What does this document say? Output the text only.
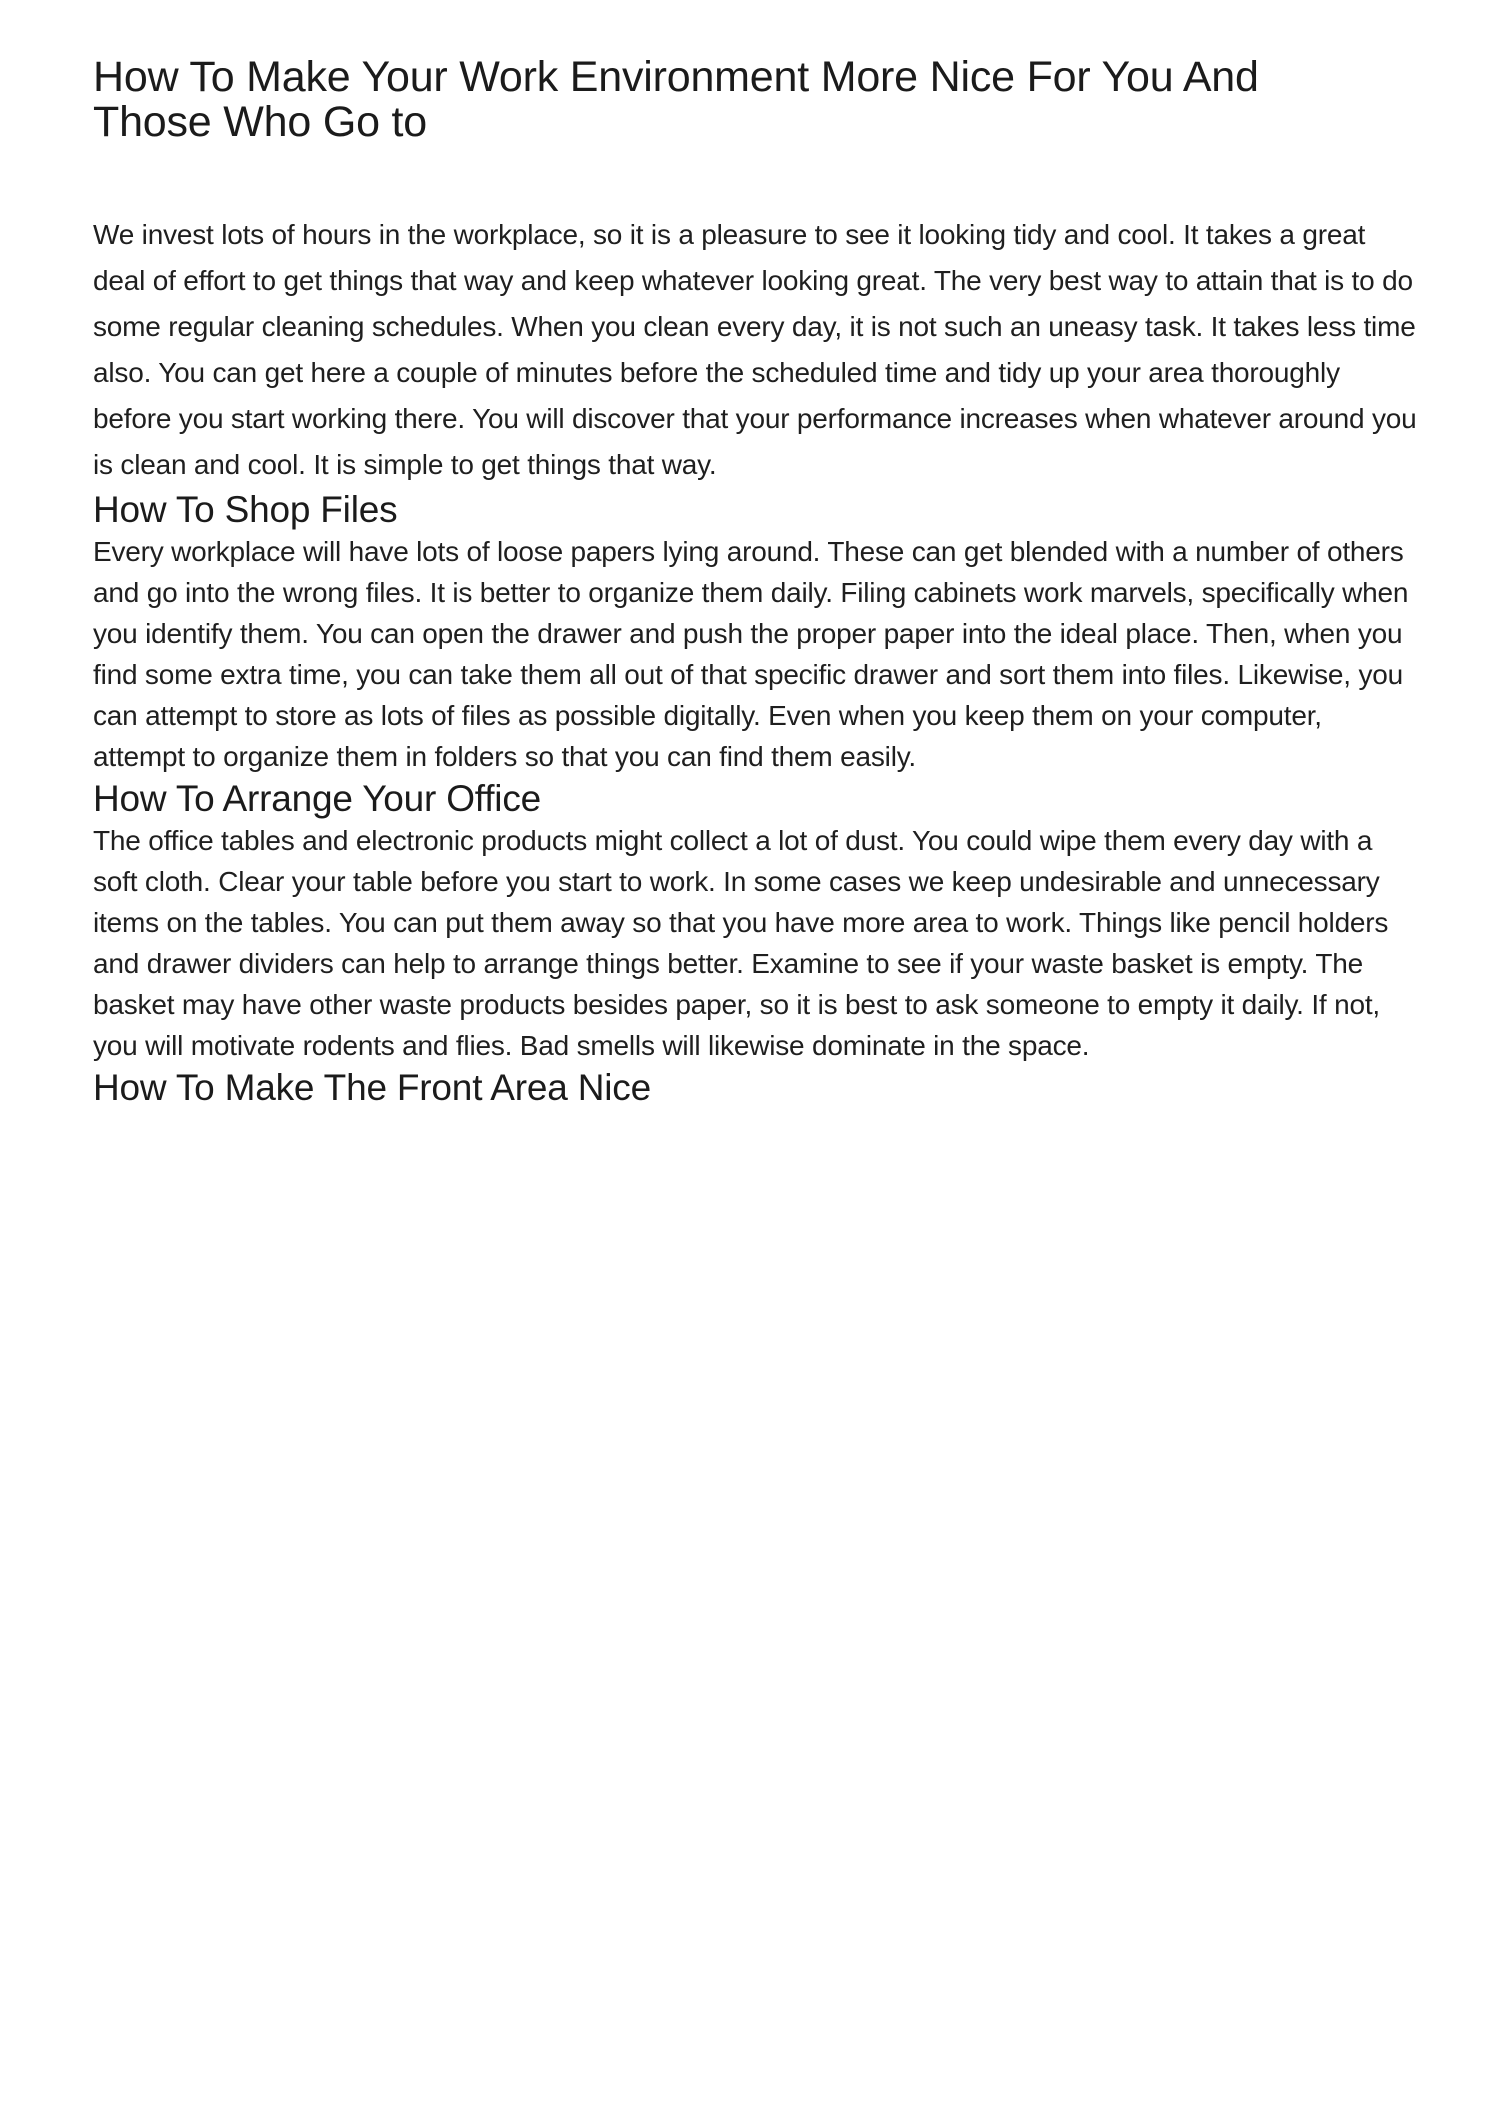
How To Make Your Work Environment More Nice For You And Those Who Go to

We invest lots of hours in the workplace, so it is a pleasure to see it looking tidy and cool. It takes a great deal of effort to get things that way and keep whatever looking great. The very best way to attain that is to do some regular cleaning schedules. When you clean every day, it is not such an uneasy task. It takes less time also. You can get here a couple of minutes before the scheduled time and tidy up your area thoroughly before you start working there. You will discover that your performance increases when whatever around you is clean and cool. It is simple to get things that way.

How To Shop Files

Every workplace will have lots of loose papers lying around. These can get blended with a number of others and go into the wrong files. It is better to organize them daily. Filing cabinets work marvels, specifically when you identify them. You can open the drawer and push the proper paper into the ideal place. Then, when you find some extra time, you can take them all out of that specific drawer and sort them into files. Likewise, you can attempt to store as lots of files as possible digitally. Even when you keep them on your computer, attempt to organize them in folders so that you can find them easily.

How To Arrange Your Office

The office tables and electronic products might collect a lot of dust. You could wipe them every day with a soft cloth. Clear your table before you start to work. In some cases we keep undesirable and unnecessary items on the tables. You can put them away so that you have more area to work. Things like pencil holders and drawer dividers can help to arrange things better. Examine to see if your waste basket is empty. The basket may have other waste products besides paper, so it is best to ask someone to empty it daily. If not, you will motivate rodents and flies. Bad smells will likewise dominate in the space.

How To Make The Front Area Nice
